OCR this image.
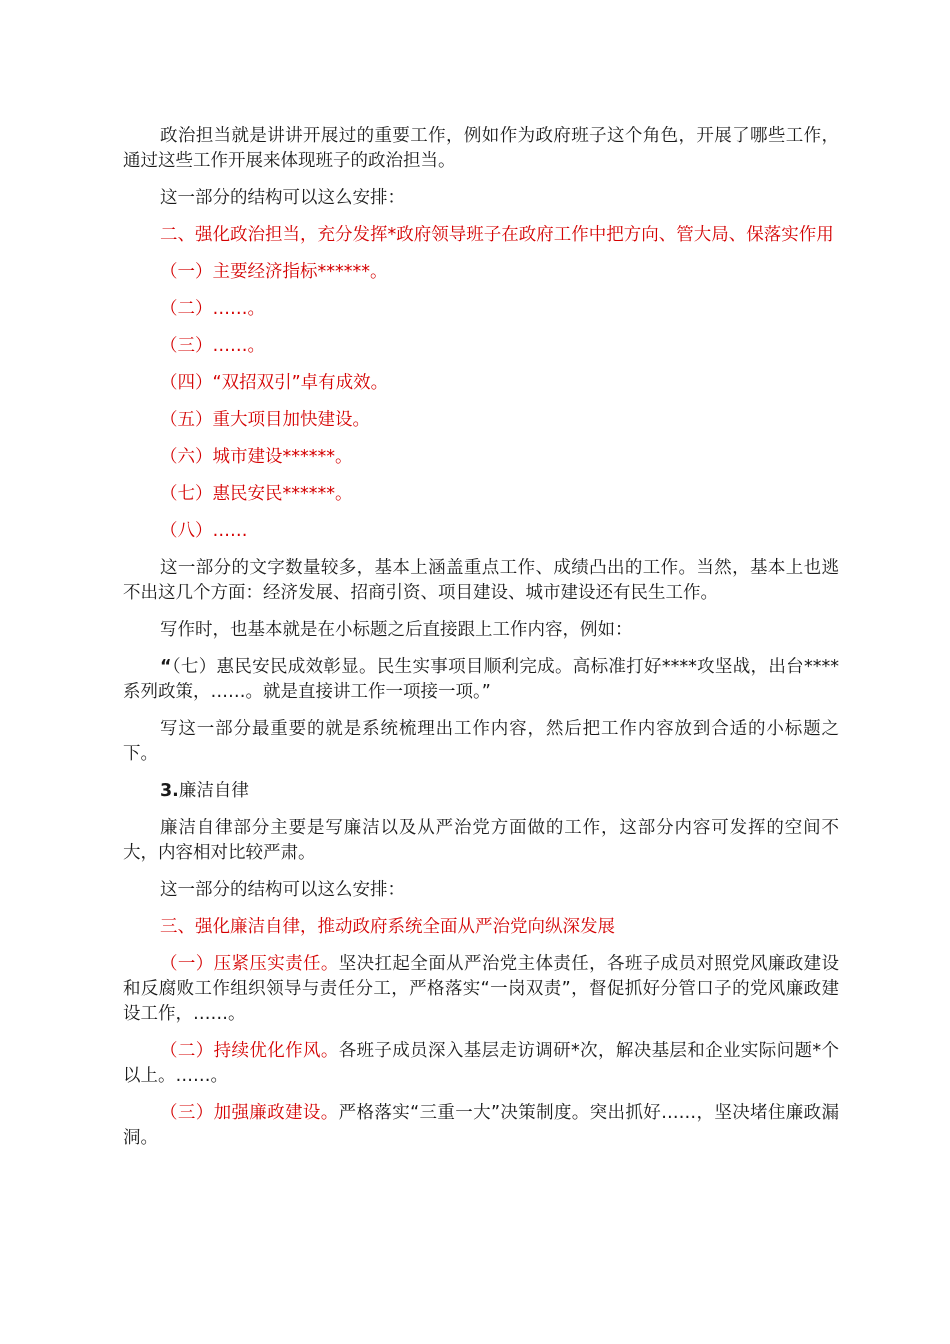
政治担当就是讲讲开展过的重要工作，例如作为政府班子这个角色，开展了哪些工作，通过这些工作开展来体现班子的政治担当。

这一部分的结构可以这么安排：

二、强化政治担当，充分发挥*政府领导班子在政府工作中把方向、管大局、保落实作用

（一）主要经济指标******。

（二）……。

（三）……。

（四）“双招双引”卓有成效。

（五）重大项目加快建设。

（六）城市建设******。

（七）惠民安民******。

（八）……

这一部分的文字数量较多，基本上涵盖重点工作、成绩凸出的工作。当然，基本上也逃不出这几个方面：经济发展、招商引资、项目建设、城市建设还有民生工作。

写作时，也基本就是在小标题之后直接跟上工作内容，例如：

“（七）惠民安民成效彰显。民生实事项目顺利完成。高标准打好****攻坚战，出台****系列政策，……。就是直接讲工作一项接一项。”

写这一部分最重要的就是系统梳理出工作内容，然后把工作内容放到合适的小标题之下。

3.廉洁自律

廉洁自律部分主要是写廉洁以及从严治党方面做的工作，这部分内容可发挥的空间不大，内容相对比较严肃。

这一部分的结构可以这么安排：

三、强化廉洁自律，推动政府系统全面从严治党向纵深发展

（一）压紧压实责任。坚决扛起全面从严治党主体责任，各班子成员对照党风廉政建设和反腐败工作组织领导与责任分工，严格落实“一岗双责”，督促抓好分管口子的党风廉政建设工作，……。

（二）持续优化作风。各班子成员深入基层走访调研*次，解决基层和企业实际问题*个以上。……。

（三）加强廉政建设。严格落实“三重一大”决策制度。突出抓好……，坚决堵住廉政漏洞。
